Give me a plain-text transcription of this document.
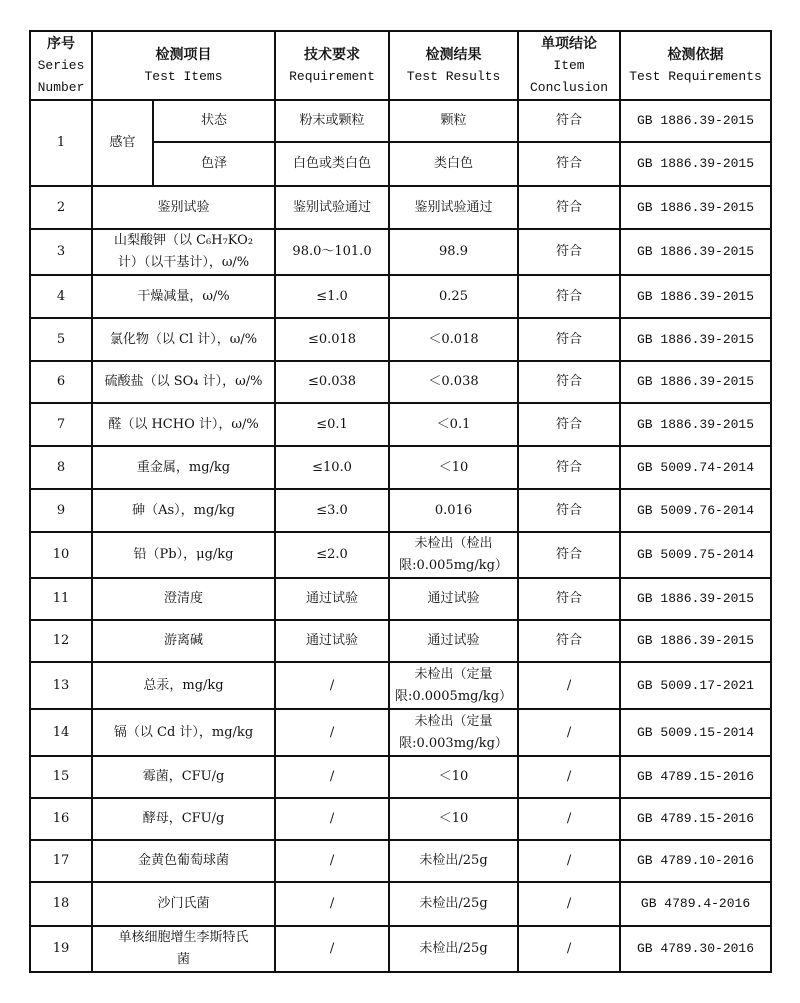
序号
Series
Number	检测项目
Test Items		技术要求
Requirement	检测结果
Test Results	单项结论
Item
Conclusion	检测依据
Test Requirements

1	感官	状态	粉末或颗粒	颗粒	符合	GB 1886.39-2015
		色泽	白色或类白色	类白色	符合	GB 1886.39-2015
2	鉴别试验		鉴别试验通过	鉴别试验通过	符合	GB 1886.39-2015
3	山梨酸钾（以 C₆H₇KO₂
计）（以干基计），ω/%		98.0～101.0	98.9	符合	GB 1886.39-2015
4	干燥减量，ω/%		≤1.0	0.25	符合	GB 1886.39-2015
5	氯化物（以 Cl 计），ω/%		≤0.018	＜0.018	符合	GB 1886.39-2015
6	硫酸盐（以 SO₄ 计），ω/%		≤0.038	＜0.038	符合	GB 1886.39-2015
7	醛（以 HCHO 计），ω/%		≤0.1	＜0.1	符合	GB 1886.39-2015
8	重金属，mg/kg		≤10.0	＜10	符合	GB 5009.74-2014
9	砷（As），mg/kg		≤3.0	0.016	符合	GB 5009.76-2014
10	铅（Pb），μg/kg		≤2.0	未检出（检出
限:0.005mg/kg）	符合	GB 5009.75-2014
11	澄清度		通过试验	通过试验	符合	GB 1886.39-2015
12	游离碱		通过试验	通过试验	符合	GB 1886.39-2015
13	总汞，mg/kg		/	未检出（定量
限:0.0005mg/kg）	/	GB 5009.17-2021
14	镉（以 Cd 计），mg/kg		/	未检出（定量
限:0.003mg/kg）	/	GB 5009.15-2014
15	霉菌，CFU/g		/	＜10	/	GB 4789.15-2016
16	酵母，CFU/g		/	＜10	/	GB 4789.15-2016
17	金黄色葡萄球菌		/	未检出/25g	/	GB 4789.10-2016
18	沙门氏菌		/	未检出/25g	/	GB 4789.4-2016
19	单核细胞增生李斯特氏
菌		/	未检出/25g	/	GB 4789.30-2016
